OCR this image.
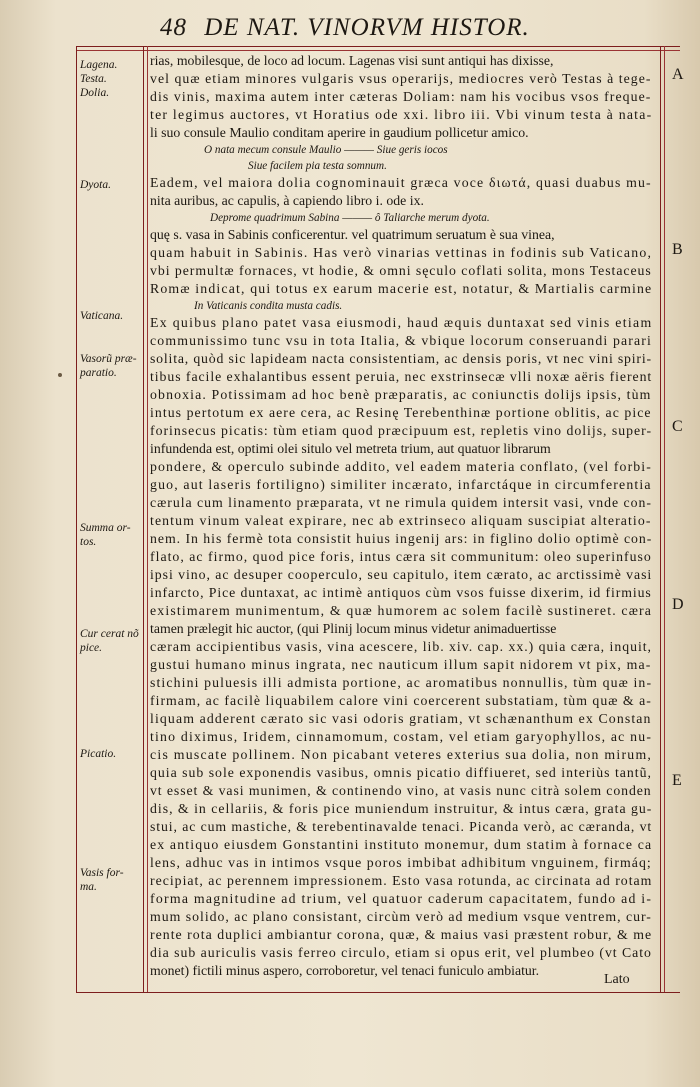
48 DE NAT. VINORVM HISTOR.
Lagena.
Testa.
Dolia.
Dyota.
Vaticana.
Vasorũ præ-
paratio.
Summa or-
tos.
Cur cerat nõ
pice.
Picatio.
Vasis for-
ma.
A
B
C
D
E
rias, mobilesque, de loco ad locum. Lagenas visi sunt antiqui has dixisse,
vel quæ etiam minores vulgaris vsus operarijs, mediocres verò Testas à tege-
dis vinis, maxima autem inter cæteras Doliam: nam his vocibus vsos freque-
ter legimus auctores, vt Horatius ode xxi. libro iii. Vbi vinum testa à nata-
li suo consule Maulio conditam aperire in gaudium pollicetur amico.
O nata mecum consule Maulio ——— Siue geris iocos
Siue facilem pia testa somnum.
Eadem, vel maiora dolia cognominauit græca voce διωτά, quasi duabus mu-
nita auribus, ac capulis, à capiendo libro i. ode ix.
Deprome quadrimum Sabina ——— ô Taliarche merum dyota.
quę s. vasa in Sabinis conficerentur. vel quatrimum seruatum è sua vinea,
quam habuit in Sabinis. Has verò vinarias vettinas in fodinis sub Vaticano,
vbi permultæ fornaces, vt hodie, & omni sęculo coflati solita, mons Testaceus
Romæ indicat, qui totus ex earum macerie est, notatur, & Martialis carmine
In Vaticanis condita musta cadis.
Ex quibus plano patet vasa eiusmodi, haud æquis duntaxat sed vinis etiam
communissimo tunc vsu in tota Italia, & vbique locorum conseruandi parari
solita, quòd sic lapideam nacta consistentiam, ac densis poris, vt nec vini spiri-
tibus facile exhalantibus essent peruia, nec exstrinsecæ vlli noxæ aëris fierent
obnoxia. Potissimam ad hoc benè præparatis, ac coniunctis dolijs ipsis, tùm
intus pertotum ex aere cera, ac Resinę Terebenthinæ portione oblitis, ac pice
forinsecus picatis: tùm etiam quod præcipuum est, repletis vino dolijs, super-
infundenda est, optimi olei situlo vel metreta trium, aut quatuor librarum
pondere, & operculo subinde addito, vel eadem materia conflato, (vel forbi-
guo, aut laseris fortiligno) similiter incærato, infarctáque in circumferentia
cærula cum linamento præparata, vt ne rimula quidem intersit vasi, vnde con-
tentum vinum valeat expirare, nec ab extrinseco aliquam suscipiat alteratio-
nem. In his fermè tota consistit huius ingenij ars: in figlino dolio optimè con-
flato, ac firmo, quod pice foris, intus cæra sit communitum: oleo superinfuso
ipsi vino, ac desuper cooperculo, seu capitulo, item cærato, ac arctissimè vasi
infarcto, Pice duntaxat, ac intimè antiquos cùm vsos fuisse dixerim, id firmius
existimarem munimentum, & quæ humorem ac solem facilè sustineret. cæra
tamen prælegit hic auctor, (qui Plinij locum minus videtur animaduertisse
cæram accipientibus vasis, vina acescere, lib. xiv. cap. xx.) quia cæra, inquit,
gustui humano minus ingrata, nec nauticum illum sapit nidorem vt pix, ma-
stichini puluesis illi admista portione, ac aromatibus nonnullis, tùm quæ in-
firmam, ac facilè liquabilem calore vini coercerent substatiam, tùm quæ & a-
liquam adderent cærato sic vasi odoris gratiam, vt schænanthum ex Constan
tino diximus, Iridem, cinnamomum, costam, vel etiam garyophyllos, ac nu-
cis muscate pollinem. Non picabant veteres exterius sua dolia, non mirum,
quia sub sole exponendis vasibus, omnis picatio diffiueret, sed interiùs tantũ,
vt esset & vasi munimen, & continendo vino, at vasis nunc citrà solem conden
dis, & in cellariis, & foris pice muniendum instruitur, & intus cæra, grata gu-
stui, ac cum mastiche, & terebentinavalde tenaci. Picanda verò, ac cæranda, vt
ex antiquo eiusdem Gonstantini instituto monemur, dum statim à fornace ca
lens, adhuc vas in intimos vsque poros imbibat adhibitum vnguinem, firmáq;
recipiat, ac perennem impressionem. Esto vasa rotunda, ac circinata ad rotam
forma magnitudine ad trium, vel quatuor caderum capacitatem, fundo ad i-
mum solido, ac plano consistant, circùm verò ad medium vsque ventrem, cur-
rente rota duplici ambiantur corona, quæ, & maius vasi præstent robur, & me
dia sub auriculis vasis ferreo circulo, etiam si opus erit, vel plumbeo (vt Cato
monet) fictili minus aspero, corroboretur, vel tenaci funiculo ambiatur.
Lato
